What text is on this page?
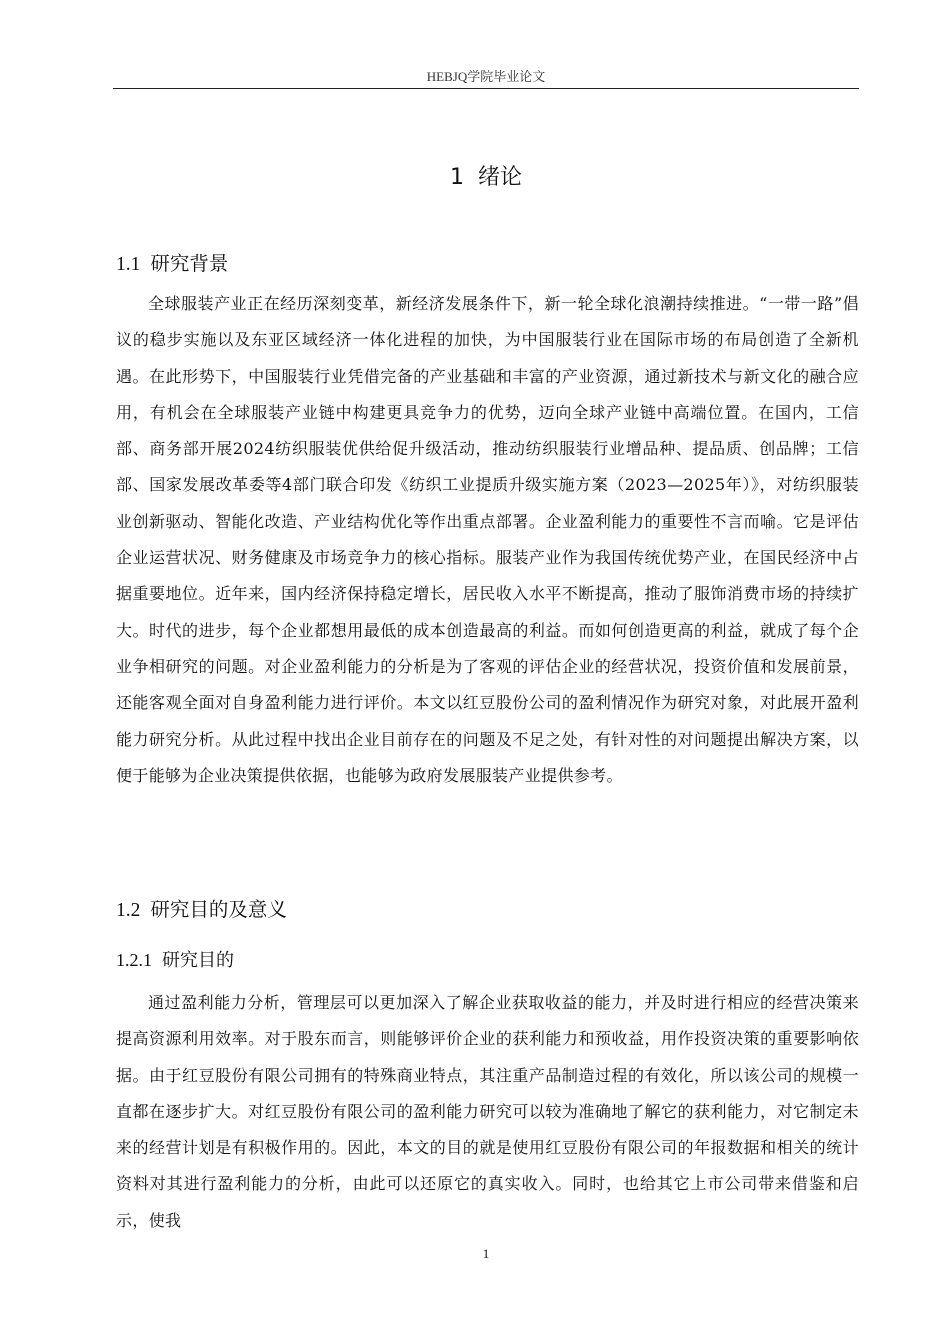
HEBJQ学院毕业论文
1 绪论
1.1 研究背景

全球服装产业正在经历深刻变革，新经济发展条件下，新一轮全球化浪潮持续推进。“一带一路”倡议的稳步实施以及东亚区域经济一体化进程的加快，为中国服装行业在国际市场的布局创造了全新机遇。在此形势下，中国服装行业凭借完备的产业基础和丰富的产业资源，通过新技术与新文化的融合应用，有机会在全球服装产业链中构建更具竞争力的优势，迈向全球产业链中高端位置。在国内，工信部、商务部开展2024纺织服装优供给促升级活动，推动纺织服装行业增品种、提品质、创品牌；工信部、国家发展改革委等4部门联合印发《纺织工业提质升级实施方案（2023—2025年）》，对纺织服装业创新驱动、智能化改造、产业结构优化等作出重点部署。企业盈利能力的重要性不言而喻。它是评估企业运营状况、财务健康及市场竞争力的核心指标。服装产业作为我国传统优势产业，在国民经济中占据重要地位。近年来，国内经济保持稳定增长，居民收入水平不断提高，推动了服饰消费市场的持续扩大。时代的进步，每个企业都想用最低的成本创造最高的利益。而如何创造更高的利益，就成了每个企业争相研究的问题。对企业盈利能力的分析是为了客观的评估企业的经营状况，投资价值和发展前景，还能客观全面对自身盈利能力进行评价。本文以红豆股份公司的盈利情况作为研究对象，对此展开盈利能力研究分析。从此过程中找出企业目前存在的问题及不足之处，有针对性的对问题提出解决方案，以便于能够为企业决策提供依据，也能够为政府发展服装产业提供参考。

1.2 研究目的及意义
1.2.1 研究目的

通过盈利能力分析，管理层可以更加深入了解企业获取收益的能力，并及时进行相应的经营决策来提高资源利用效率。对于股东而言，则能够评价企业的获利能力和预收益，用作投资决策的重要影响依据。由于红豆股份有限公司拥有的特殊商业特点，其注重产品制造过程的有效化，所以该公司的规模一直都在逐步扩大。对红豆股份有限公司的盈利能力研究可以较为准确地了解它的获利能力，对它制定未来的经营计划是有积极作用的。因此，本文的目的就是使用红豆股份有限公司的年报数据和相关的统计资料对其进行盈利能力的分析，由此可以还原它的真实收入。同时，也给其它上市公司带来借鉴和启示，使我

1
